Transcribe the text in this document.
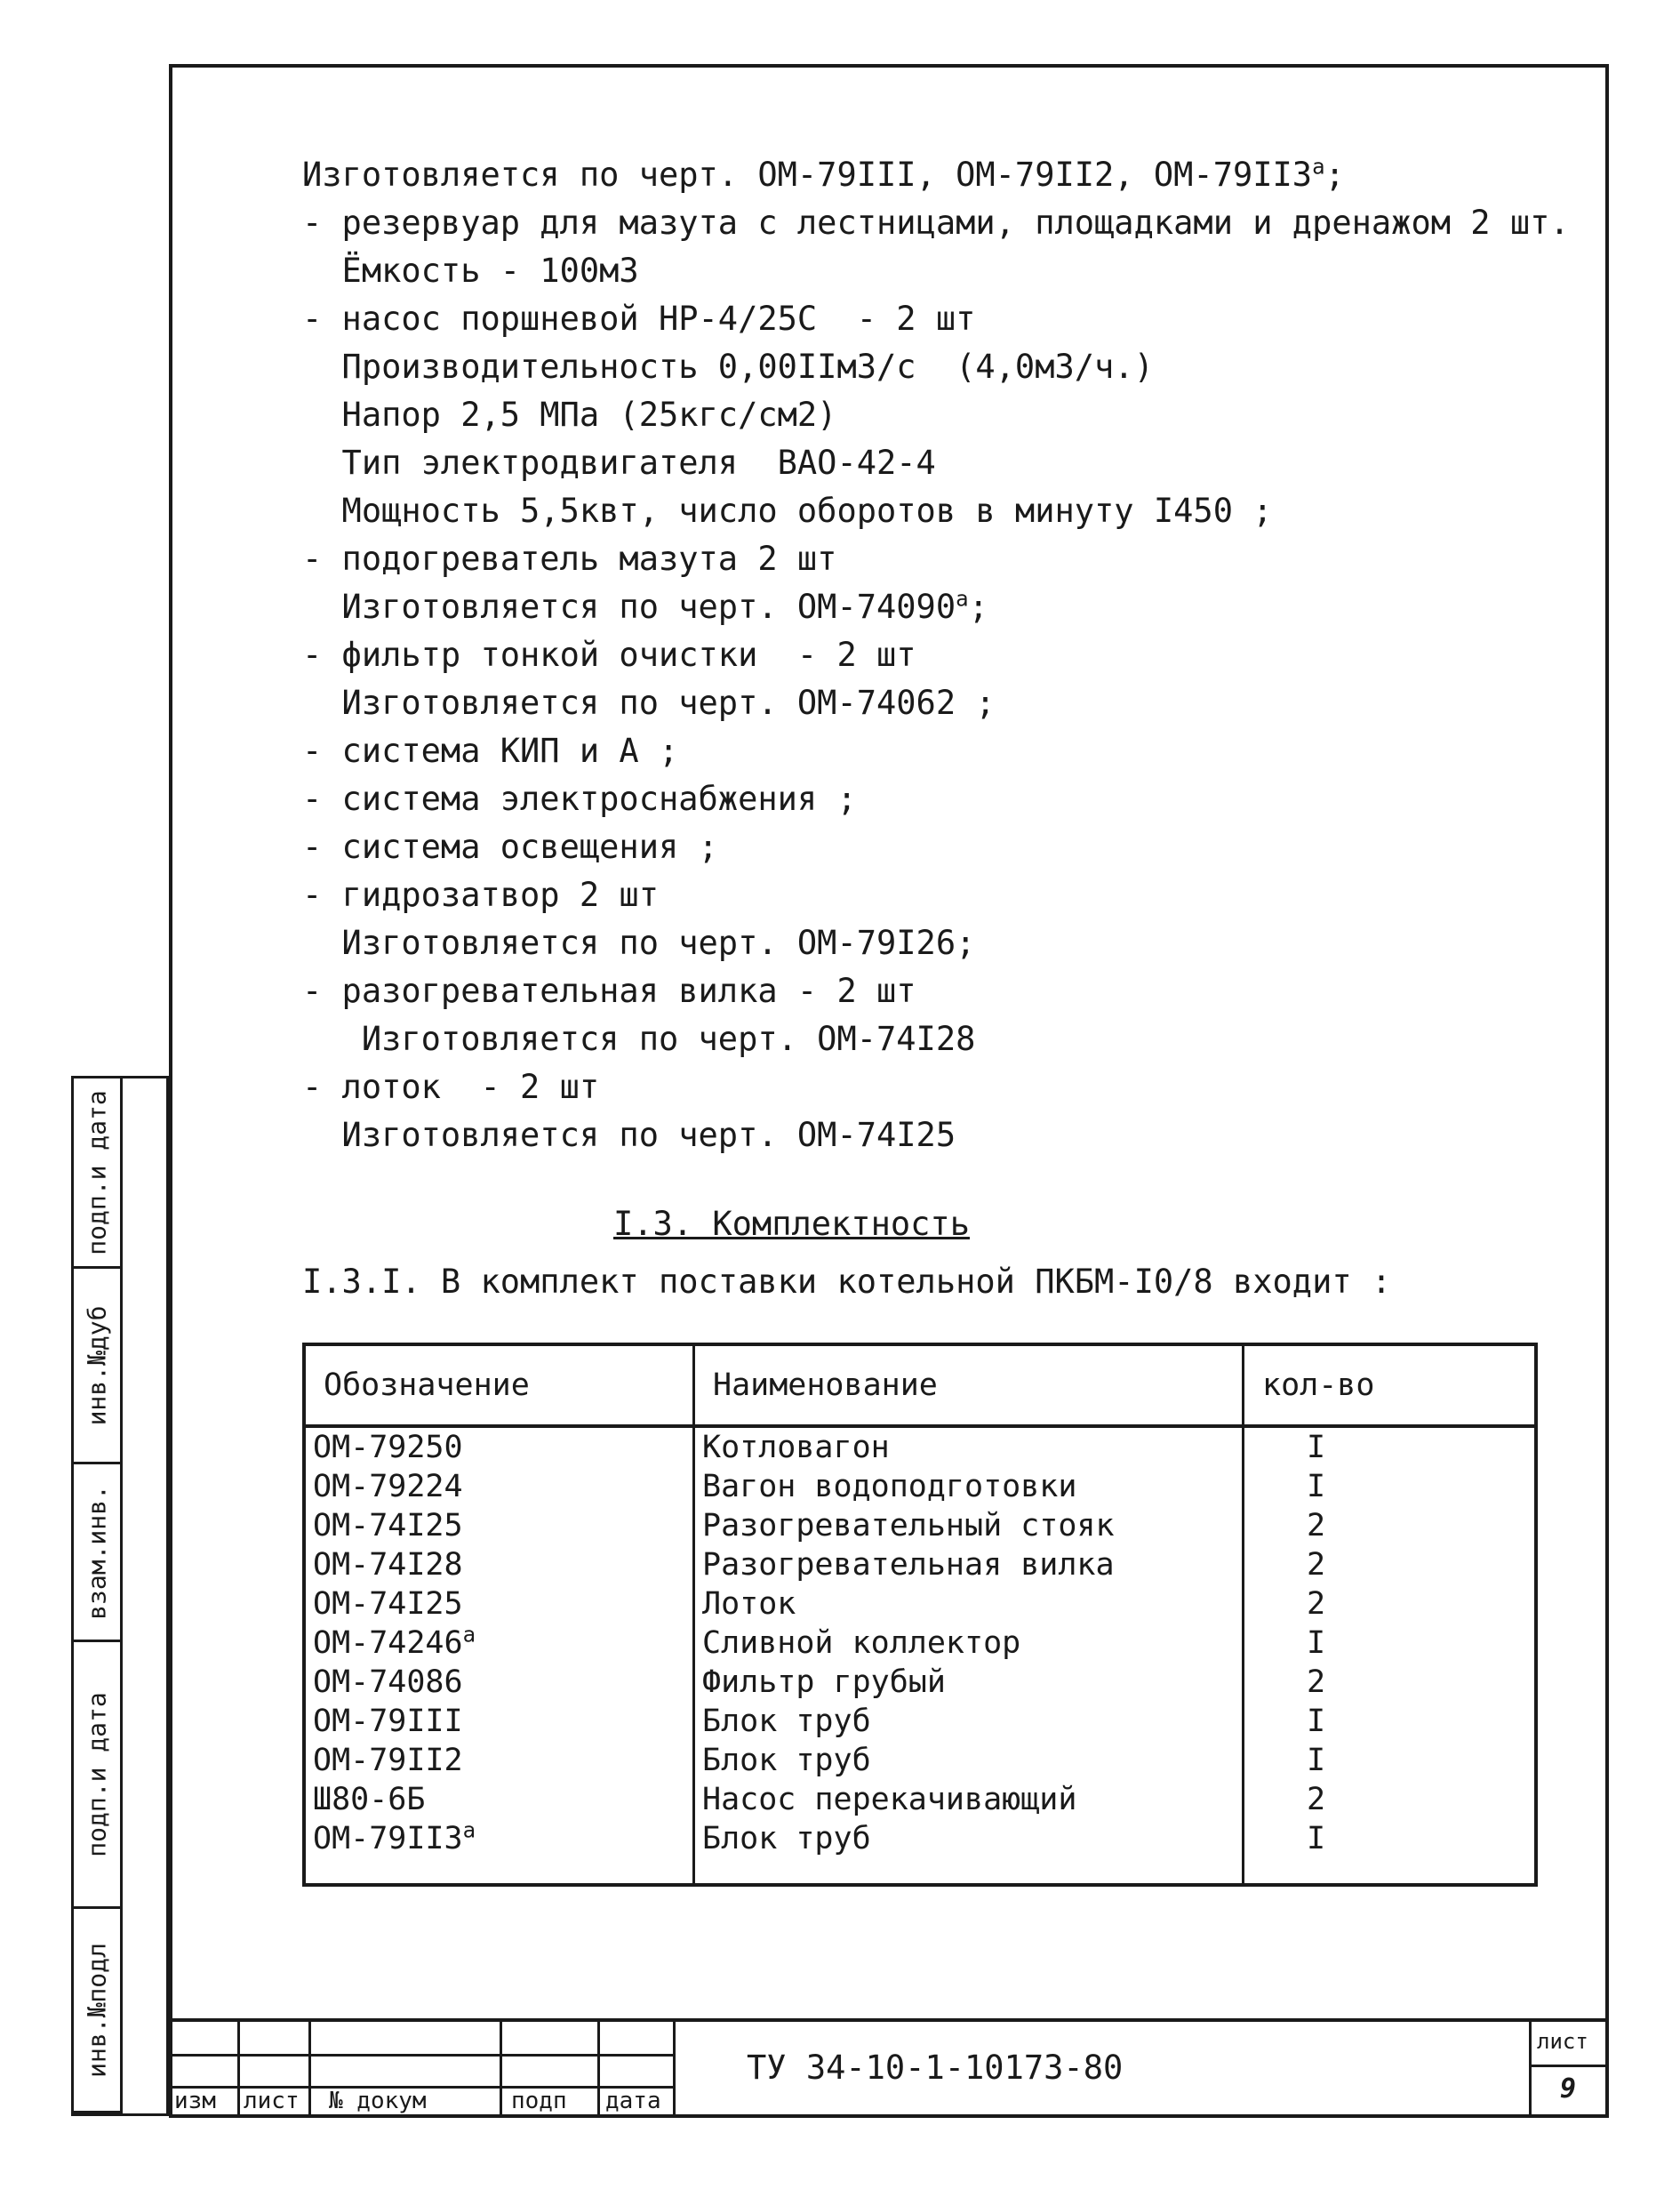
Изготовляется по черт. ОМ-79III, ОМ-79II2, ОМ-79II3$^a$;
- резервуар для мазута с лестницами, площадками и дренажом 2 шт.
Ёмкость - 100м3
- насос поршневой НР-4/25С  - 2 шт
Производительность 0,00IIм3/с  (4,0м3/ч.)
Напор 2,5 МПа (25кгс/см2)
Тип электродвигателя  ВАО-42-4
Мощность 5,5квт, число оборотов в минуту I450 ;
- подогреватель мазута 2 шт
Изготовляется по черт. ОМ-74090$^a$;
- фильтр тонкой очистки  - 2 шт
Изготовляется по черт. ОМ-74062 ;
- система КИП и А ;
- система электроснабжения ;
- система освещения ;
- гидрозатвор 2 шт
Изготовляется по черт. ОМ-79I26;
- разогревательная вилка - 2 шт
Изготовляется по черт. ОМ-74I28
- лоток  - 2 шт
Изготовляется по черт. ОМ-74I25
I.3. Комплектность
I.3.I. В комплект поставки котельной ПКБМ-I0/8 входит :
Обозначение	Наименование	кол-во
ОМ-79250	Котловагон	I
ОМ-79224	Вагон водоподготовки	I
ОМ-74I25	Разогревательный стояк	2
ОМ-74I28	Разогревательная вилка	2
ОМ-74I25	Лоток	2
ОМ-74246$^a$	Сливной коллектор	I
ОМ-74086	Фильтр грубый	2
ОМ-79III	Блок труб	I
ОМ-79II2	Блок труб	I
Ш80-6Б	Насос перекачивающий	2
ОМ-79II3$^a$	Блок труб	I
инв.№подл
подп.и дата
взам.инв.
инв.№дуб
подп.и дата
изм лист № докум	подп дата
ТУ 34-10-1-10173-80
лист
9
